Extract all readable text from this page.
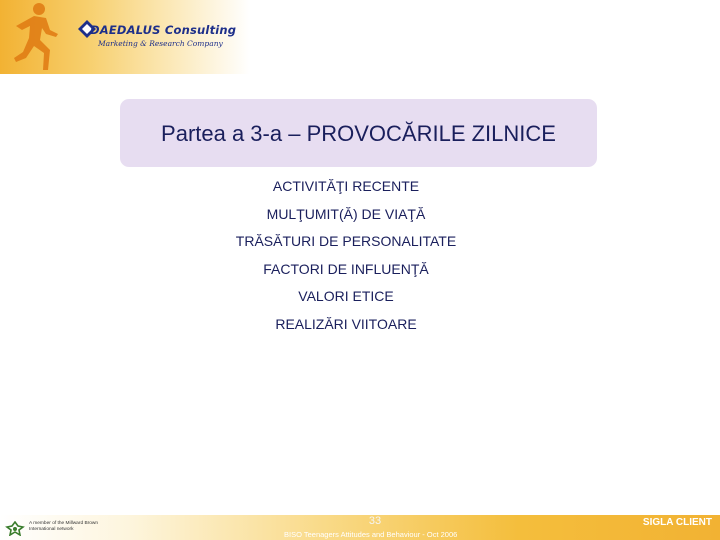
DAEDALUS Consulting
Marketing & Research Company
Partea a 3-a – PROVOCĂRILE ZILNICE
ACTIVITĂŢI RECENTE
MULŢUMIT(Ă) DE VIAŢĂ
TRĂSĂTURI DE PERSONALITATE
FACTORI DE INFLUENŢĂ
VALORI ETICE
REALIZĂRI VIITOARE
A member of the Millward Brown International network
33
BISO Teenagers Attitudes and Behaviour - Oct 2006
SIGLA CLIENT
